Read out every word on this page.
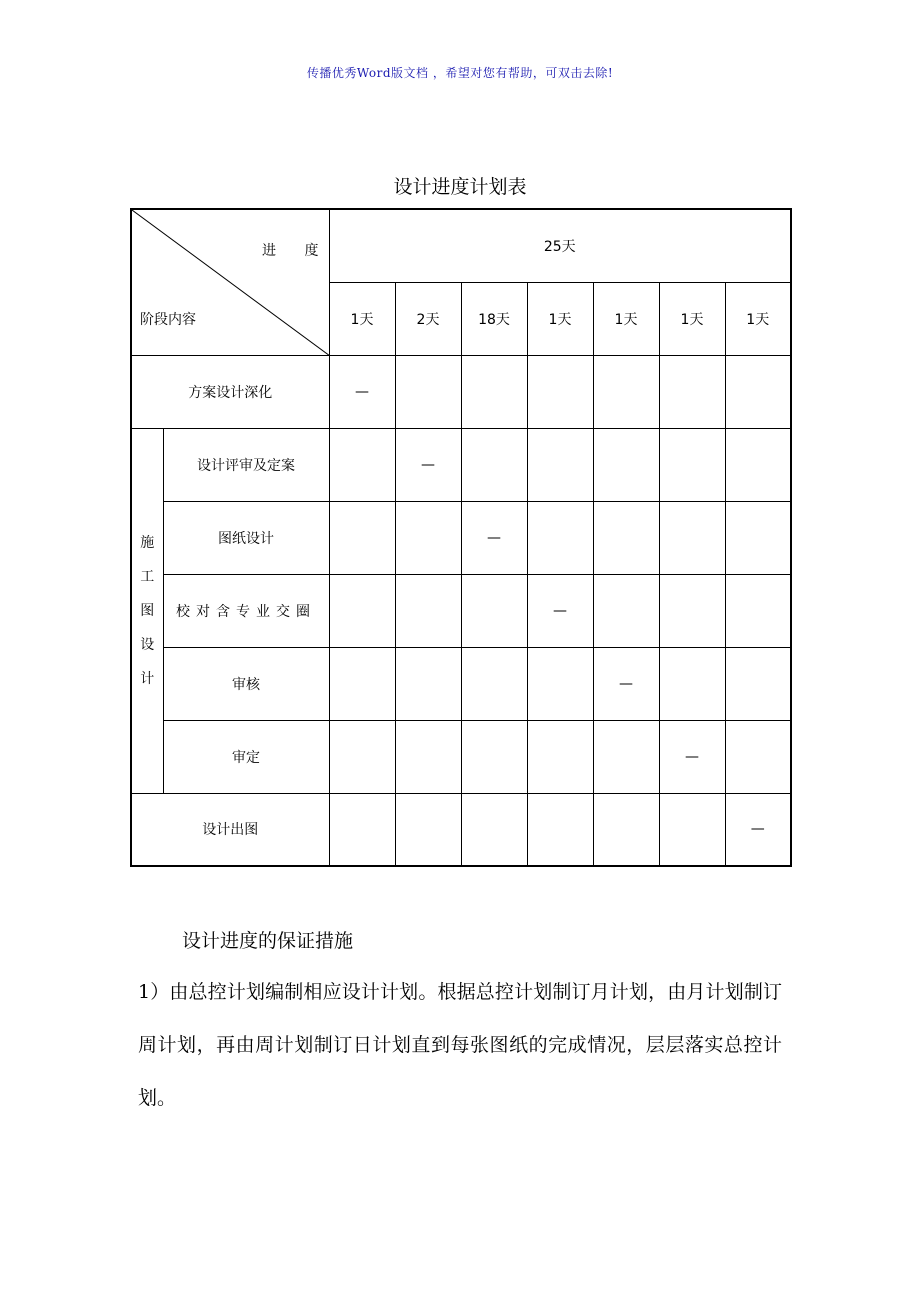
传播优秀Word版文档 ，希望对您有帮助，可双击去除!
设计进度计划表
进 度
阶段内容		25天						
		1天	2天	18天	1天	1天	1天	1天
方案设计深化		—						

施
工
图
设
计	设计评审及定案		—					
	图纸设计			—				
	校对含专业交圈				—			
	审核					—		
	审定						—	
设计出图								—
设计进度的保证措施
1）由总控计划编制相应设计计划。根据总控计划制订月计划，由月计划制订周计划，再由周计划制订日计划直到每张图纸的完成情况，层层落实总控计划。
